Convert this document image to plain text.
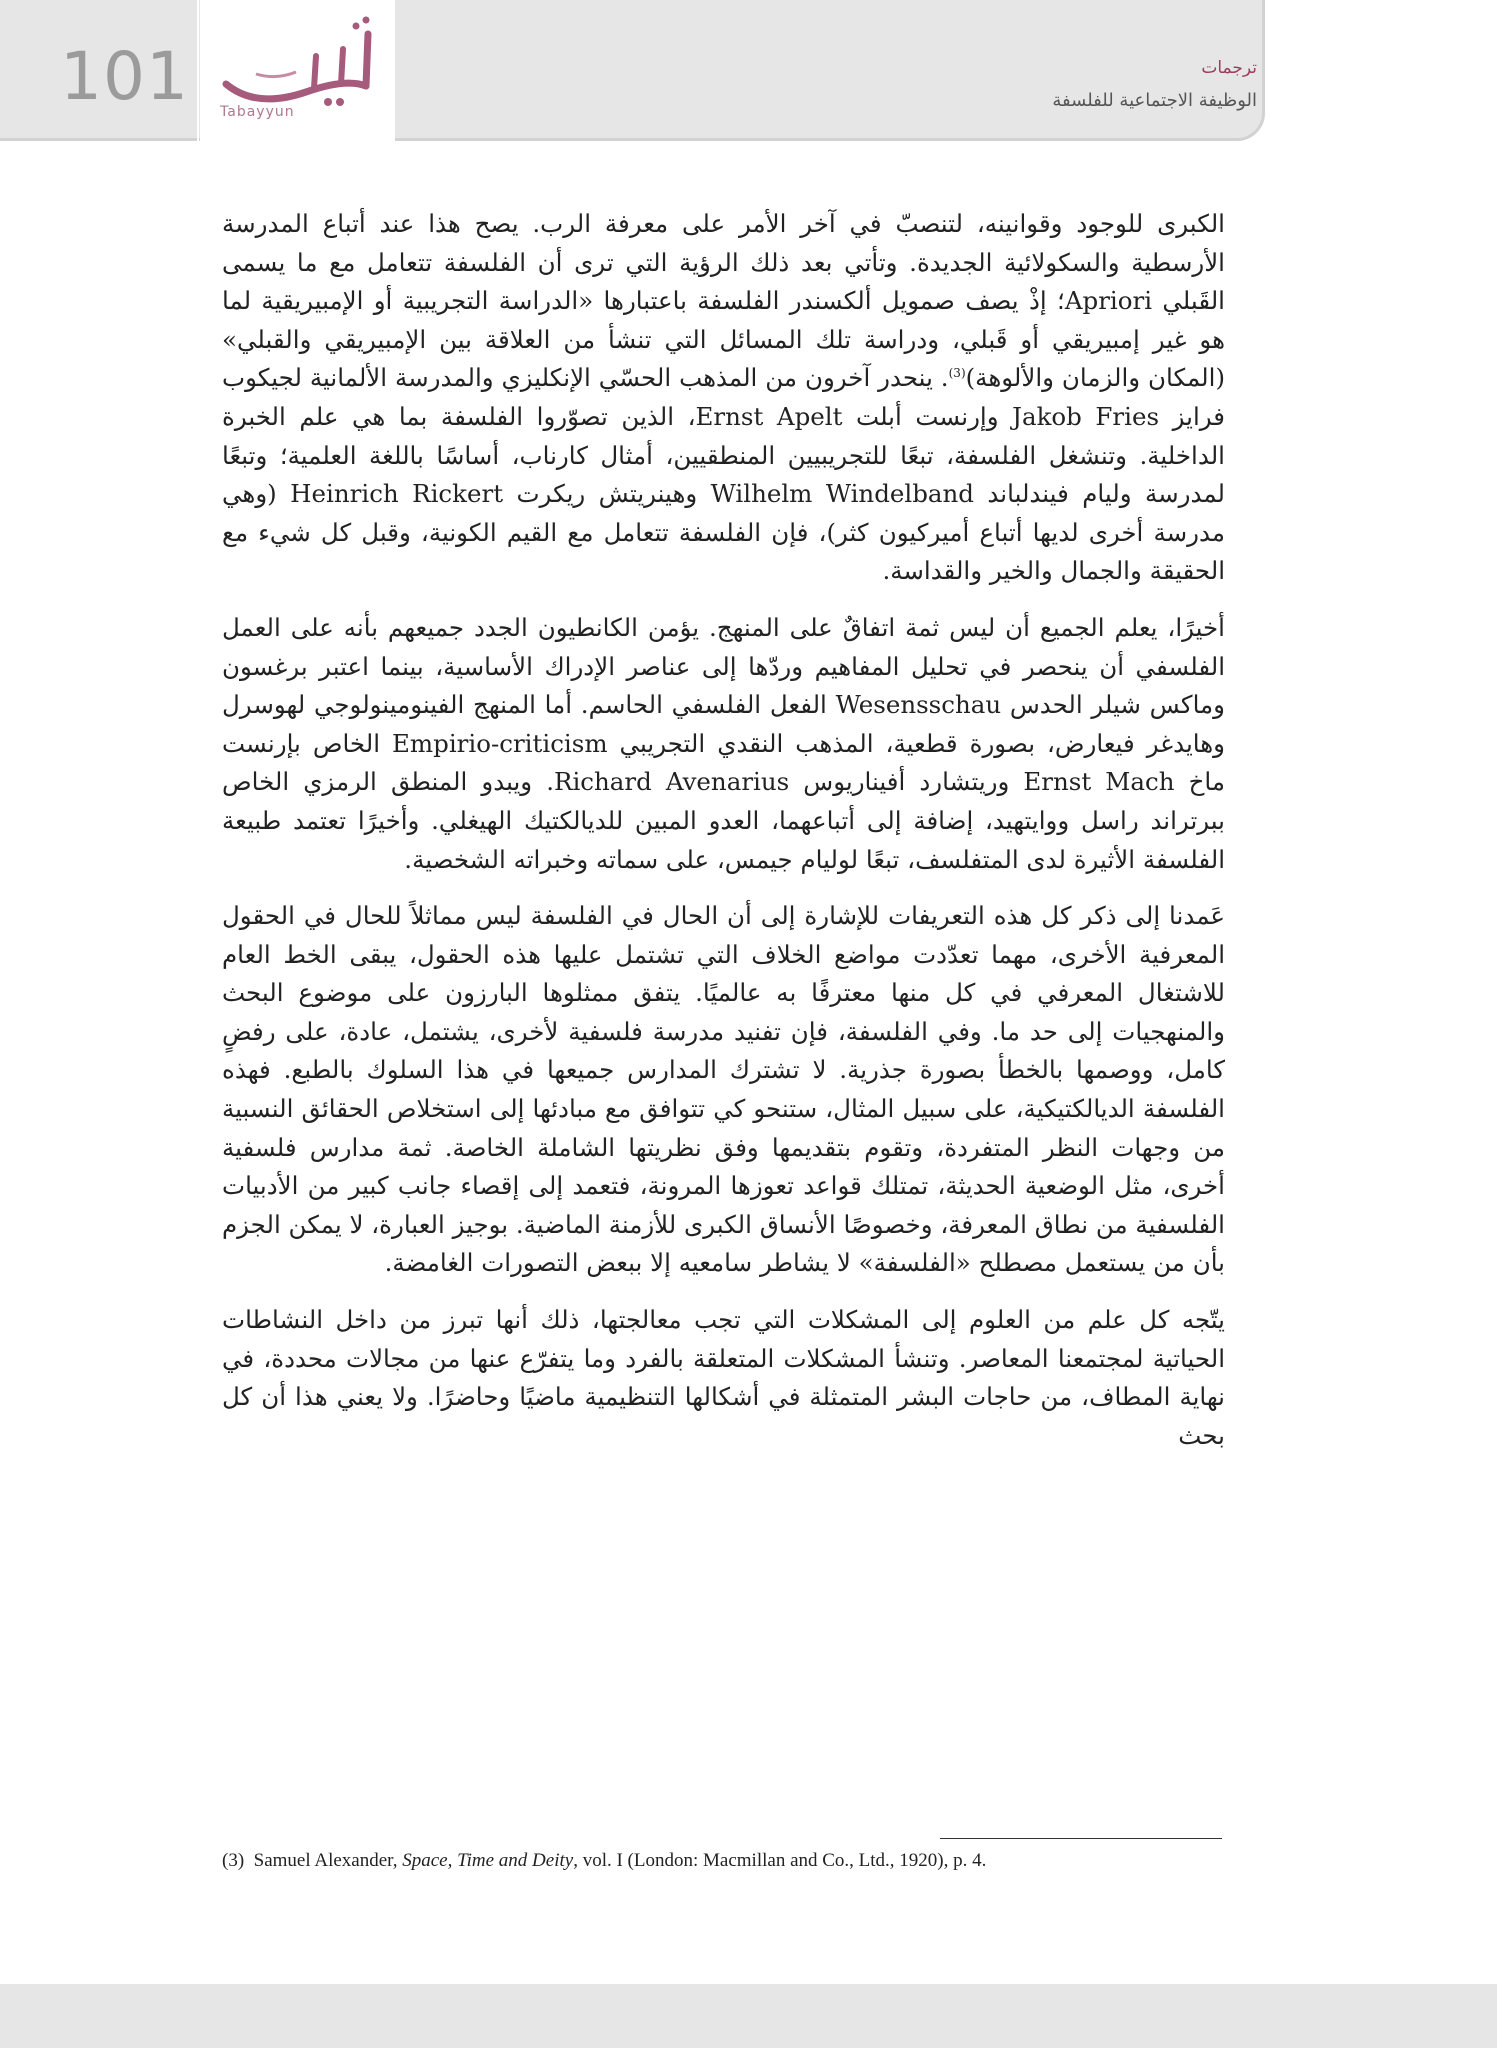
101 Tabayyun
ترجمات
الوظيفة الاجتماعية للفلسفة

الكبرى للوجود وقوانينه، لتنصبّ في آخر الأمر على معرفة الرب. يصح هذا عند أتباع المدرسة الأرسطية والسكولائية الجديدة. وتأتي بعد ذلك الرؤية التي ترى أن الفلسفة تتعامل مع ما يسمى القَبلي Apriori؛ إذْ يصف صمويل ألكسندر الفلسفة باعتبارها «الدراسة التجريبية أو الإمبيريقية لما هو غير إمبيريقي أو قَبلي، ودراسة تلك المسائل التي تنشأ من العلاقة بين الإمبيريقي والقبلي» (المكان والزمان والألوهة)$^{(3)}$. ينحدر آخرون من المذهب الحسّي الإنكليزي والمدرسة الألمانية لجيكوب فرايز Jakob Fries وإرنست أبلت Ernst Apelt، الذين تصوّروا الفلسفة بما هي علم الخبرة الداخلية. وتنشغل الفلسفة، تبعًا للتجريبيين المنطقيين، أمثال كارناب، أساسًا باللغة العلمية؛ وتبعًا لمدرسة وليام فيندلباند Wilhelm Windelband وهينريتش ريكرت Heinrich Rickert (وهي مدرسة أخرى لديها أتباع أميركيون كثر)، فإن الفلسفة تتعامل مع القيم الكونية، وقبل كل شيء مع الحقيقة والجمال والخير والقداسة.

أخيرًا، يعلم الجميع أن ليس ثمة اتفاقٌ على المنهج. يؤمن الكانطيون الجدد جميعهم بأنه على العمل الفلسفي أن ينحصر في تحليل المفاهيم وردّها إلى عناصر الإدراك الأساسية، بينما اعتبر برغسون وماكس شيلر الحدس Wesensschau الفعل الفلسفي الحاسم. أما المنهج الفينومينولوجي لهوسرل وهايدغر فيعارض، بصورة قطعية، المذهب النقدي التجريبي Empirio-criticism الخاص بإرنست ماخ Ernst Mach وريتشارد أفيناريوس Richard Avenarius. ويبدو المنطق الرمزي الخاص ببرتراند راسل ووايتهيد، إضافة إلى أتباعهما، العدو المبين للديالكتيك الهيغلي. وأخيرًا تعتمد طبيعة الفلسفة الأثيرة لدى المتفلسف، تبعًا لوليام جيمس، على سماته وخبراته الشخصية.

عَمدنا إلى ذكر كل هذه التعريفات للإشارة إلى أن الحال في الفلسفة ليس مماثلاً للحال في الحقول المعرفية الأخرى، مهما تعدّدت مواضع الخلاف التي تشتمل عليها هذه الحقول، يبقى الخط العام للاشتغال المعرفي في كل منها معترفًا به عالميًا. يتفق ممثلوها البارزون على موضوع البحث والمنهجيات إلى حد ما. وفي الفلسفة، فإن تفنيد مدرسة فلسفية لأخرى، يشتمل، عادة، على رفضٍ كامل، ووصمها بالخطأ بصورة جذرية. لا تشترك المدارس جميعها في هذا السلوك بالطبع. فهذه الفلسفة الديالكتيكية، على سبيل المثال، ستنحو كي تتوافق مع مبادئها إلى استخلاص الحقائق النسبية من وجهات النظر المتفردة، وتقوم بتقديمها وفق نظريتها الشاملة الخاصة. ثمة مدارس فلسفية أخرى، مثل الوضعية الحديثة، تمتلك قواعد تعوزها المرونة، فتعمد إلى إقصاء جانب كبير من الأدبيات الفلسفية من نطاق المعرفة، وخصوصًا الأنساق الكبرى للأزمنة الماضية. بوجيز العبارة، لا يمكن الجزم بأن من يستعمل مصطلح «الفلسفة» لا يشاطر سامعيه إلا ببعض التصورات الغامضة.

يتّجه كل علم من العلوم إلى المشكلات التي تجب معالجتها، ذلك أنها تبرز من داخل النشاطات الحياتية لمجتمعنا المعاصر. وتنشأ المشكلات المتعلقة بالفرد وما يتفرّع عنها من مجالات محددة، في نهاية المطاف، من حاجات البشر المتمثلة في أشكالها التنظيمية ماضيًا وحاضرًا. ولا يعني هذا أن كل بحث

(3) Samuel Alexander, Space, Time and Deity, vol. I (London: Macmillan and Co., Ltd., 1920), p. 4.
